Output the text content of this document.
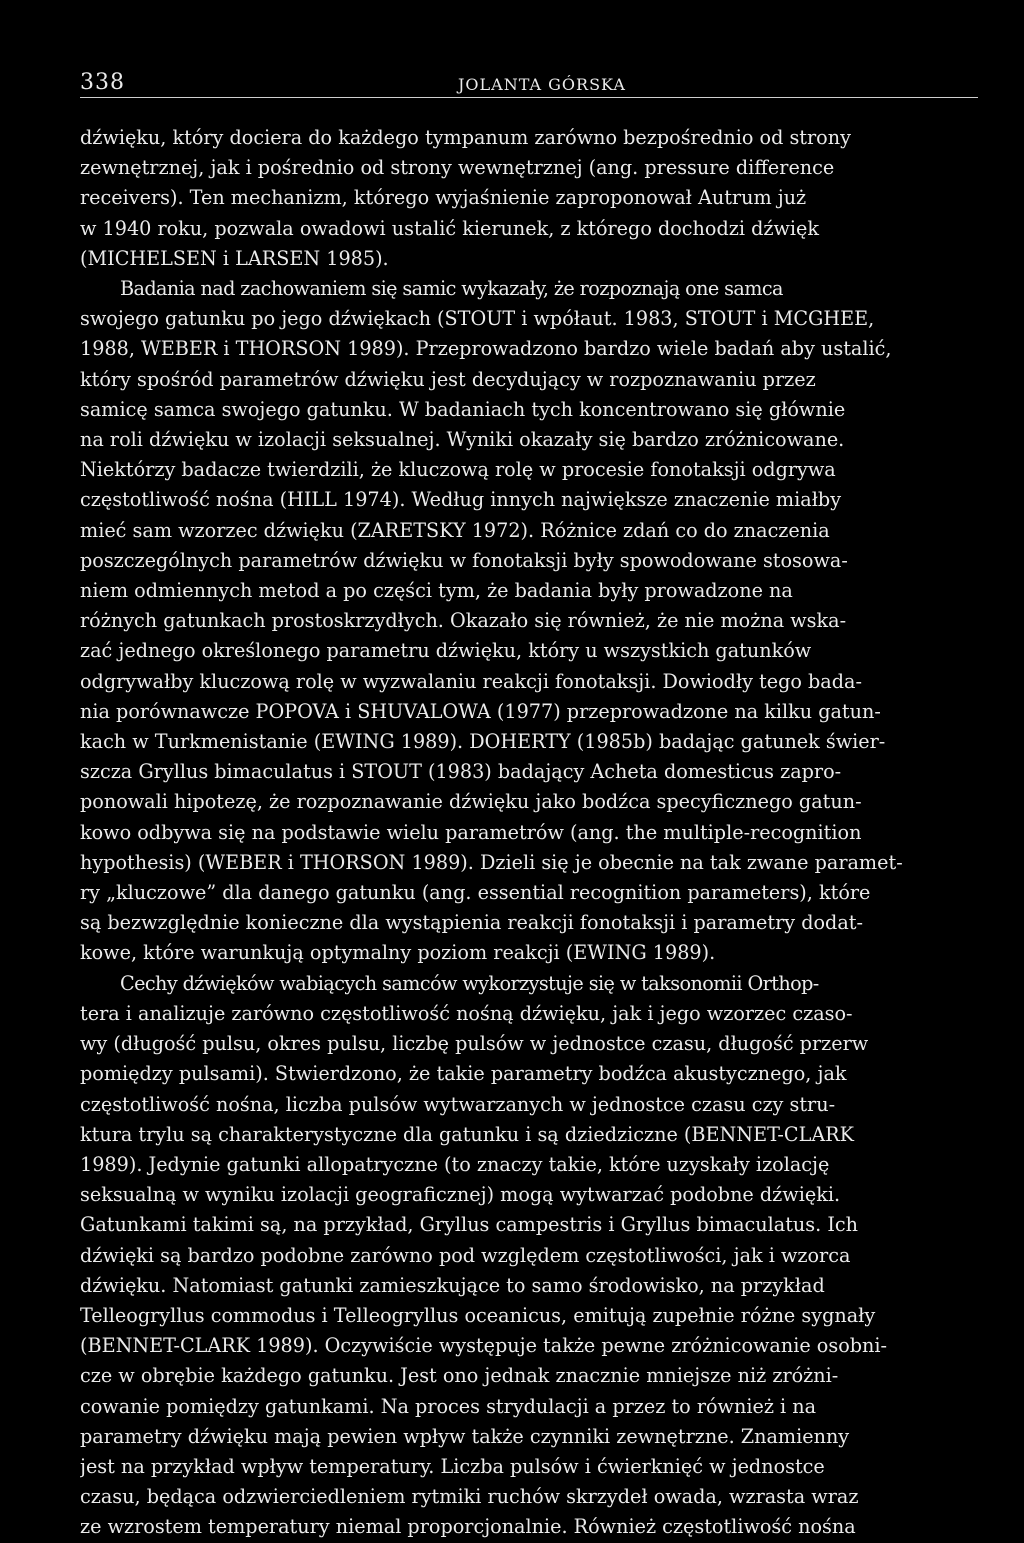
338	JOLANTA GÓRSKA

dźwięku, który dociera do każdego tympanum zarówno bezpośrednio od strony
zewnętrznej, jak i pośrednio od strony wewnętrznej (ang. pressure difference
receivers). Ten mechanizm, którego wyjaśnienie zaproponował Autrum już
w 1940 roku, pozwala owadowi ustalić kierunek, z którego dochodzi dźwięk
(MICHELSEN i LARSEN 1985).

Badania nad zachowaniem się samic wykazały, że rozpoznają one samca
swojego gatunku po jego dźwiękach (STOUT i wpółaut. 1983, STOUT i MCGHEE,
1988, WEBER i THORSON 1989). Przeprowadzono bardzo wiele badań aby ustalić,
który spośród parametrów dźwięku jest decydujący w rozpoznawaniu przez
samicę samca swojego gatunku. W badaniach tych koncentrowano się głównie
na roli dźwięku w izolacji seksualnej. Wyniki okazały się bardzo zróżnicowane.
Niektórzy badacze twierdzili, że kluczową rolę w procesie fonotaksji odgrywa
częstotliwość nośna (HILL 1974). Według innych największe znaczenie miałby
mieć sam wzorzec dźwięku (ZARETSKY 1972). Różnice zdań co do znaczenia
poszczególnych parametrów dźwięku w fonotaksji były spowodowane stosowa-
niem odmiennych metod a po części tym, że badania były prowadzone na
różnych gatunkach prostoskrzydłych. Okazało się również, że nie można wska-
zać jednego określonego parametru dźwięku, który u wszystkich gatunków
odgrywałby kluczową rolę w wyzwalaniu reakcji fonotaksji. Dowiodły tego bada-
nia porównawcze POPOVA i SHUVALOWA (1977) przeprowadzone na kilku gatun-
kach w Turkmenistanie (EWING 1989). DOHERTY (1985b) badając gatunek świer-
szcza Gryllus bimaculatus i STOUT (1983) badający Acheta domesticus zapro-
ponowali hipotezę, że rozpoznawanie dźwięku jako bodźca specyficznego gatun-
kowo odbywa się na podstawie wielu parametrów (ang. the multiple-recognition
hypothesis) (WEBER i THORSON 1989). Dzieli się je obecnie na tak zwane paramet-
ry „kluczowe” dla danego gatunku (ang. essential recognition parameters), które
są bezwzględnie konieczne dla wystąpienia reakcji fonotaksji i parametry dodat-
kowe, które warunkują optymalny poziom reakcji (EWING 1989).

Cechy dźwięków wabiących samców wykorzystuje się w taksonomii Orthop-
tera i analizuje zarówno częstotliwość nośną dźwięku, jak i jego wzorzec czaso-
wy (długość pulsu, okres pulsu, liczbę pulsów w jednostce czasu, długość przerw
pomiędzy pulsami). Stwierdzono, że takie parametry bodźca akustycznego, jak
częstotliwość nośna, liczba pulsów wytwarzanych w jednostce czasu czy stru-
ktura trylu są charakterystyczne dla gatunku i są dziedziczne (BENNET-CLARK
1989). Jedynie gatunki allopatryczne (to znaczy takie, które uzyskały izolację
seksualną w wyniku izolacji geograficznej) mogą wytwarzać podobne dźwięki.
Gatunkami takimi są, na przykład, Gryllus campestris i Gryllus bimaculatus. Ich
dźwięki są bardzo podobne zarówno pod względem częstotliwości, jak i wzorca
dźwięku. Natomiast gatunki zamieszkujące to samo środowisko, na przykład
Telleogryllus commodus i Telleogryllus oceanicus, emitują zupełnie różne sygnały
(BENNET-CLARK 1989). Oczywiście występuje także pewne zróżnicowanie osobni-
cze w obrębie każdego gatunku. Jest ono jednak znacznie mniejsze niż zróżni-
cowanie pomiędzy gatunkami. Na proces strydulacji a przez to również i na
parametry dźwięku mają pewien wpływ także czynniki zewnętrzne. Znamienny
jest na przykład wpływ temperatury. Liczba pulsów i ćwierknięć w jednostce
czasu, będąca odzwierciedleniem rytmiki ruchów skrzydeł owada, wzrasta wraz
ze wzrostem temperatury niemal proporcjonalnie. Również częstotliwość nośna
